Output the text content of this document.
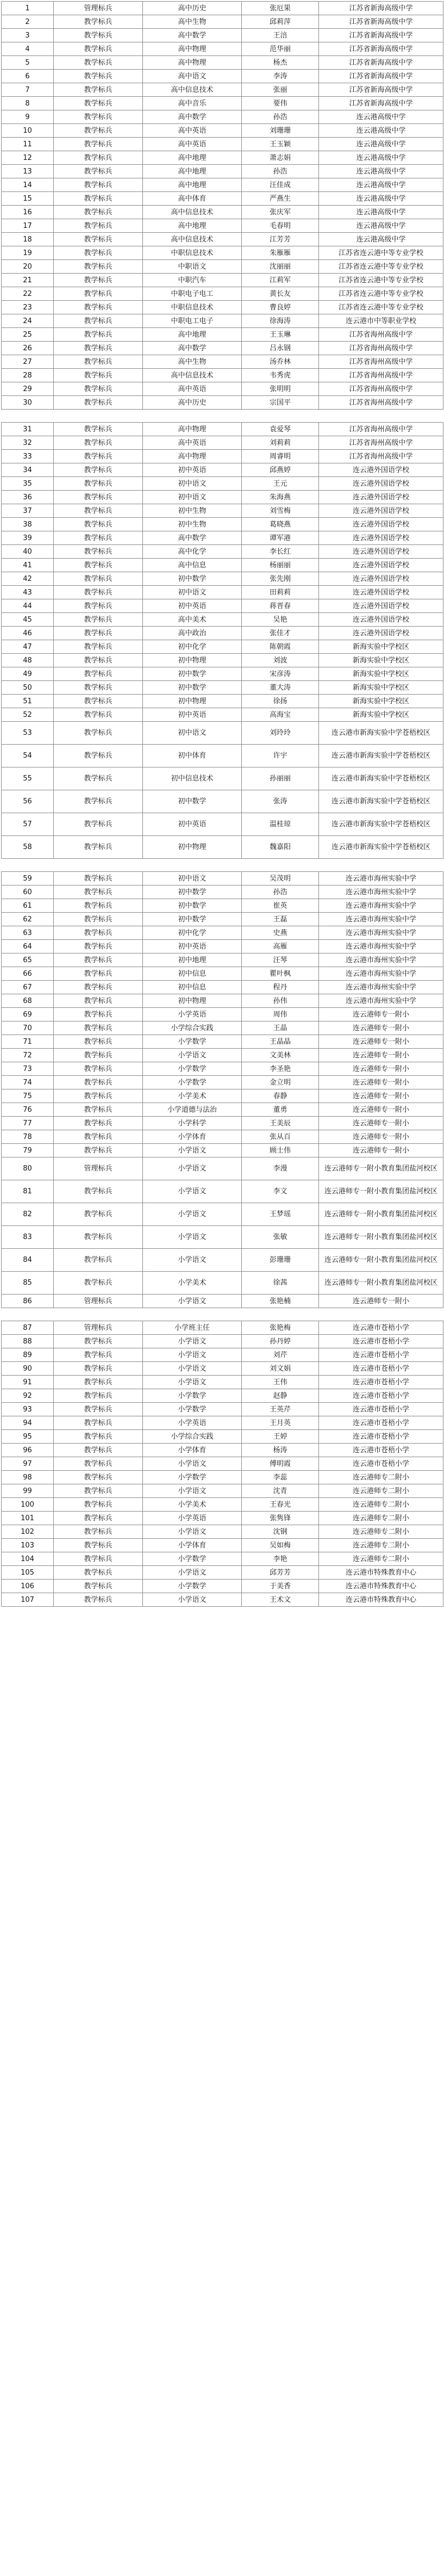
1	管理标兵	高中历史	张厄果	江苏省新海高级中学
2	教学标兵	高中生物	邱莉萍	江苏省新海高级中学
3	教学标兵	高中数学	王涪	江苏省新海高级中学
4	教学标兵	高中物理	范华丽	江苏省新海高级中学
5	教学标兵	高中物理	杨杰	江苏省新海高级中学
6	教学标兵	高中语文	李涛	江苏省新海高级中学
7	教学标兵	高中信息技术	张丽	江苏省新海高级中学
8	教学标兵	高中音乐	要伟	江苏省新海高级中学
9	教学标兵	高中数学	孙浩	连云港高级中学
10	教学标兵	高中英语	刘珊珊	连云港高级中学
11	教学标兵	高中英语	王玉颖	连云港高级中学
12	教学标兵	高中地理	萧志娟	连云港高级中学
13	教学标兵	高中地理	孙浩	连云港高级中学
14	教学标兵	高中地理	汪佳成	连云港高级中学
15	教学标兵	高中体育	严燕生	连云港高级中学
16	教学标兵	高中信息技术	张庆军	连云港高级中学
17	教学标兵	高中地理	毛春明	连云港高级中学
18	教学标兵	高中信息技术	江芳芳	连云港高级中学
19	教学标兵	中职信息技术	朱雁雁	江苏省连云港中等专业学校
20	教学标兵	中职语文	沈丽丽	江苏省连云港中等专业学校
21	教学标兵	中职汽车	江莉军	江苏省连云港中等专业学校
22	教学标兵	中职电子电工	黄长友	江苏省连云港中等专业学校
23	教学标兵	中职信息技术	曹良婷	江苏省连云港中等专业学校
24	教学标兵	中职电工电子	徐海涛	连云港市中等职业学校
25	教学标兵	高中地理	王玉琳	江苏省海州高级中学
26	教学标兵	高中数学	吕永钢	江苏省海州高级中学
27	教学标兵	高中生物	汤乔林	江苏省海州高级中学
28	教学标兵	高中信息技术	韦秀虎	江苏省海州高级中学
29	教学标兵	高中英语	张明明	江苏省海州高级中学
30	教学标兵	高中历史	宗国平	江苏省海州高级中学
31	教学标兵	高中物理	袁爱琴	江苏省海州高级中学
32	教学标兵	高中英语	刘莉莉	江苏省海州高级中学
33	教学标兵	高中物理	周睿明	江苏省海州高级中学
34	教学标兵	初中英语	邱燕婷	连云港外国语学校
35	教学标兵	初中语文	王元	连云港外国语学校
36	教学标兵	初中语文	朱海燕	连云港外国语学校
37	教学标兵	初中生物	刘雪梅	连云港外国语学校
38	教学标兵	初中生物	葛晓燕	连云港外国语学校
39	教学标兵	高中数学	谭军港	连云港外国语学校
40	教学标兵	高中化学	李长红	连云港外国语学校
41	教学标兵	高中信息	杨丽丽	连云港外国语学校
42	教学标兵	初中数学	张先刚	连云港外国语学校
43	教学标兵	初中语文	田莉莉	连云港外国语学校
44	教学标兵	初中英语	蒋晋春	连云港外国语学校
45	教学标兵	高中美术	吴艳	连云港外国语学校
46	教学标兵	高中政治	张佳才	连云港外国语学校
47	教学标兵	初中化学	陈朝霞	新海实验中学校区
48	教学标兵	初中物理	刘波	新海实验中学校区
49	教学标兵	初中数学	宋彦涛	新海实验中学校区
50	教学标兵	初中数学	董大涛	新海实验中学校区
51	教学标兵	初中物理	徐扬	新海实验中学校区
52	教学标兵	初中英语	高海宝	新海实验中学校区
53	教学标兵	初中语文	刘玲玲	连云港市新海实验中学苍梧校区
54	教学标兵	初中体育	许宇	连云港市新海实验中学苍梧校区
55	教学标兵	初中信息技术	孙丽丽	连云港市新海实验中学苍梧校区
56	教学标兵	初中数学	张涛	连云港市新海实验中学苍梧校区
57	教学标兵	初中英语	温桂琼	连云港市新海实验中学苍梧校区
58	教学标兵	初中物理	魏嘉阳	连云港市新海实验中学苍梧校区
59	教学标兵	初中语文	吴茂明	连云港市海州实验中学
60	教学标兵	初中数学	孙浩	连云港市海州实验中学
61	教学标兵	初中数学	崔英	连云港市海州实验中学
62	教学标兵	初中数学	王磊	连云港市海州实验中学
63	教学标兵	初中化学	史燕	连云港市海州实验中学
64	教学标兵	初中英语	高雁	连云港市海州实验中学
65	教学标兵	初中地理	汪琴	连云港市海州实验中学
66	教学标兵	初中信息	瞿叶枫	连云港市海州实验中学
67	教学标兵	初中信息	程丹	连云港市海州实验中学
68	教学标兵	初中物理	孙伟	连云港市海州实验中学
69	教学标兵	小学英语	周伟	连云港师专一附小
70	教学标兵	小学综合实践	王晶	连云港师专一附小
71	教学标兵	小学数学	王晶晶	连云港师专一附小
72	教学标兵	小学语文	文美林	连云港师专一附小
73	教学标兵	小学数学	李圣艳	连云港师专一附小
74	教学标兵	小学数学	金立明	连云港师专一附小
75	教学标兵	小学美术	春静	连云港师专一附小
76	教学标兵	小学道德与法治	董勇	连云港师专一附小
77	教学标兵	小学科学	王美辰	连云港师专一附小
78	教学标兵	小学体育	张从百	连云港师专一附小
79	教学标兵	小学语文	顾士伟	连云港师专一附小
80	管理标兵	小学语文	李漫	连云港师专一附小教育集团盐河校区
81	教学标兵	小学语文	李文	连云港师专一附小教育集团盐河校区
82	教学标兵	小学语文	王梦瑶	连云港师专一附小教育集团盐河校区
83	教学标兵	小学语文	张敏	连云港师专一附小教育集团盐河校区
84	教学标兵	小学语文	彭珊珊	连云港师专一附小教育集团盐河校区
85	教学标兵	小学美术	徐茜	连云港师专一附小教育集团盐河校区
86	管理标兵	小学语文	张艳楠	连云港师专一附小
87	管理标兵	小学班主任	张艳梅	连云港市苍梧小学
88	教学标兵	小学语文	孙丹婷	连云港市苍梧小学
89	教学标兵	小学语文	刘芹	连云港市苍梧小学
90	教学标兵	小学语文	刘文娟	连云港市苍梧小学
91	教学标兵	小学语文	王伟	连云港市苍梧小学
92	教学标兵	小学数学	赵静	连云港市苍梧小学
93	教学标兵	小学数学	王英芹	连云港市苍梧小学
94	教学标兵	小学英语	王月英	连云港市苍梧小学
95	教学标兵	小学综合实践	王婷	连云港市苍梧小学
96	教学标兵	小学体育	杨涛	连云港市苍梧小学
97	教学标兵	小学语文	傅明霞	连云港市苍梧小学
98	教学标兵	小学数学	李蕊	连云港师专二附小
99	教学标兵	小学语文	沈青	连云港师专二附小
100	教学标兵	小学美术	王春光	连云港师专二附小
101	教学标兵	小学英语	张隽锋	连云港师专二附小
102	教学标兵	小学语文	沈钢	连云港师专二附小
103	教学标兵	小学体育	吴如梅	连云港师专二附小
104	教学标兵	小学数学	李艳	连云港师专二附小
105	教学标兵	小学语文	邱芳芳	连云港市特殊教育中心
106	教学标兵	小学数学	于美香	连云港市特殊教育中心
107	教学标兵	小学语文	王术文	连云港市特殊教育中心
